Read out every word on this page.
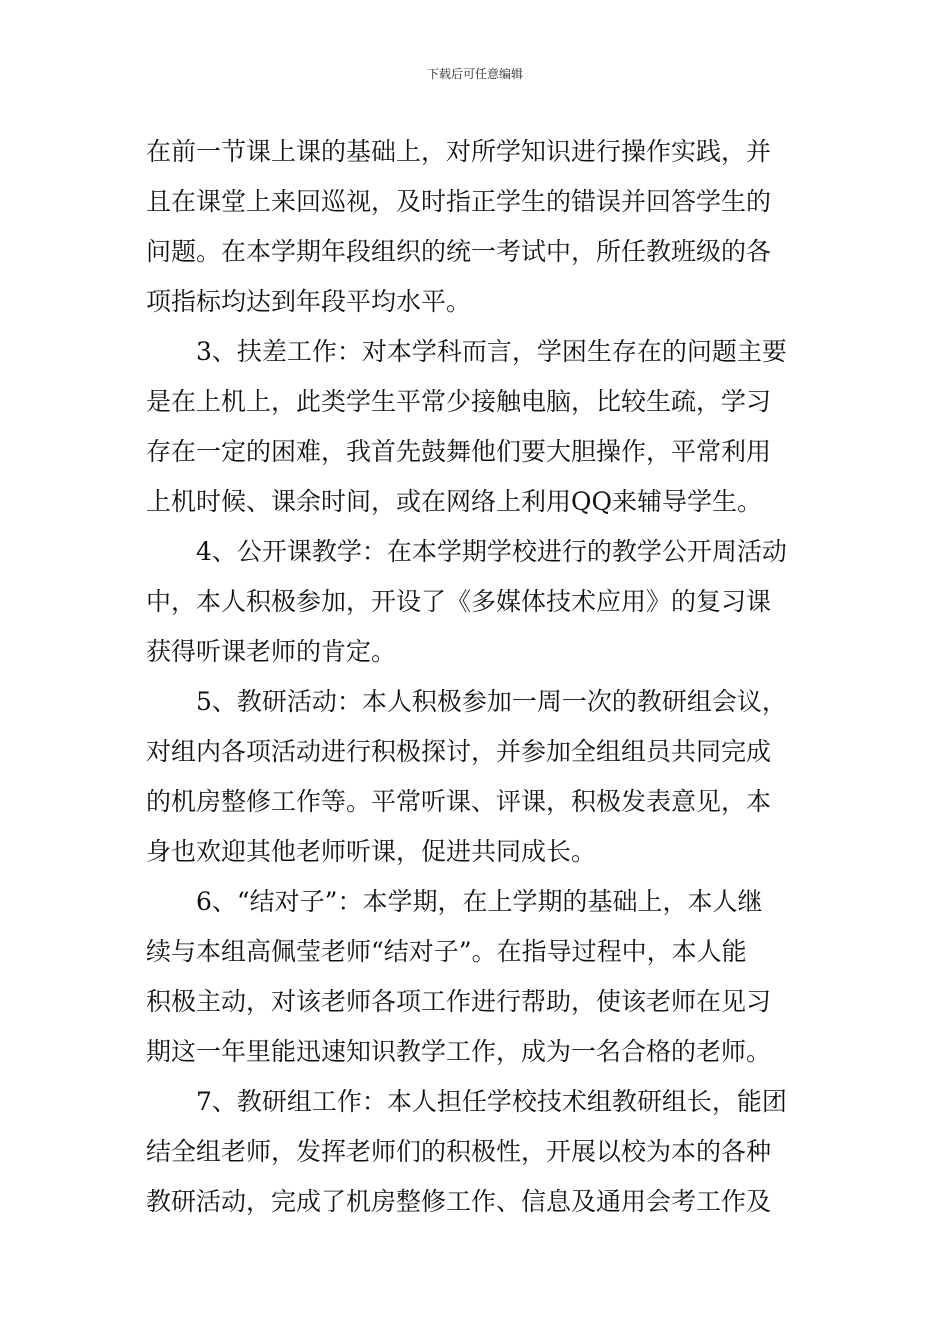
下载后可任意编辑
在前一节课上课的基础上，对所学知识进行操作实践，并
且在课堂上来回巡视，及时指正学生的错误并回答学生的
问题。在本学期年段组织的统一考试中，所任教班级的各
项指标均达到年段平均水平。
3、扶差工作：对本学科而言，学困生存在的问题主要
是在上机上，此类学生平常少接触电脑，比较生疏，学习
存在一定的困难，我首先鼓舞他们要大胆操作，平常利用
上机时候、课余时间，或在网络上利用QQ来辅导学生。
4、公开课教学：在本学期学校进行的教学公开周活动
中，本人积极参加，开设了《多媒体技术应用》的复习课
获得听课老师的肯定。
5、教研活动：本人积极参加一周一次的教研组会议，
对组内各项活动进行积极探讨，并参加全组组员共同完成
的机房整修工作等。平常听课、评课，积极发表意见，本
身也欢迎其他老师听课，促进共同成长。
6、“结对子”：本学期，在上学期的基础上，本人继
续与本组高佩莹老师“结对子”。在指导过程中，本人能
积极主动，对该老师各项工作进行帮助，使该老师在见习
期这一年里能迅速知识教学工作，成为一名合格的老师。
7、教研组工作：本人担任学校技术组教研组长，能团
结全组老师，发挥老师们的积极性，开展以校为本的各种
教研活动，完成了机房整修工作、信息及通用会考工作及
